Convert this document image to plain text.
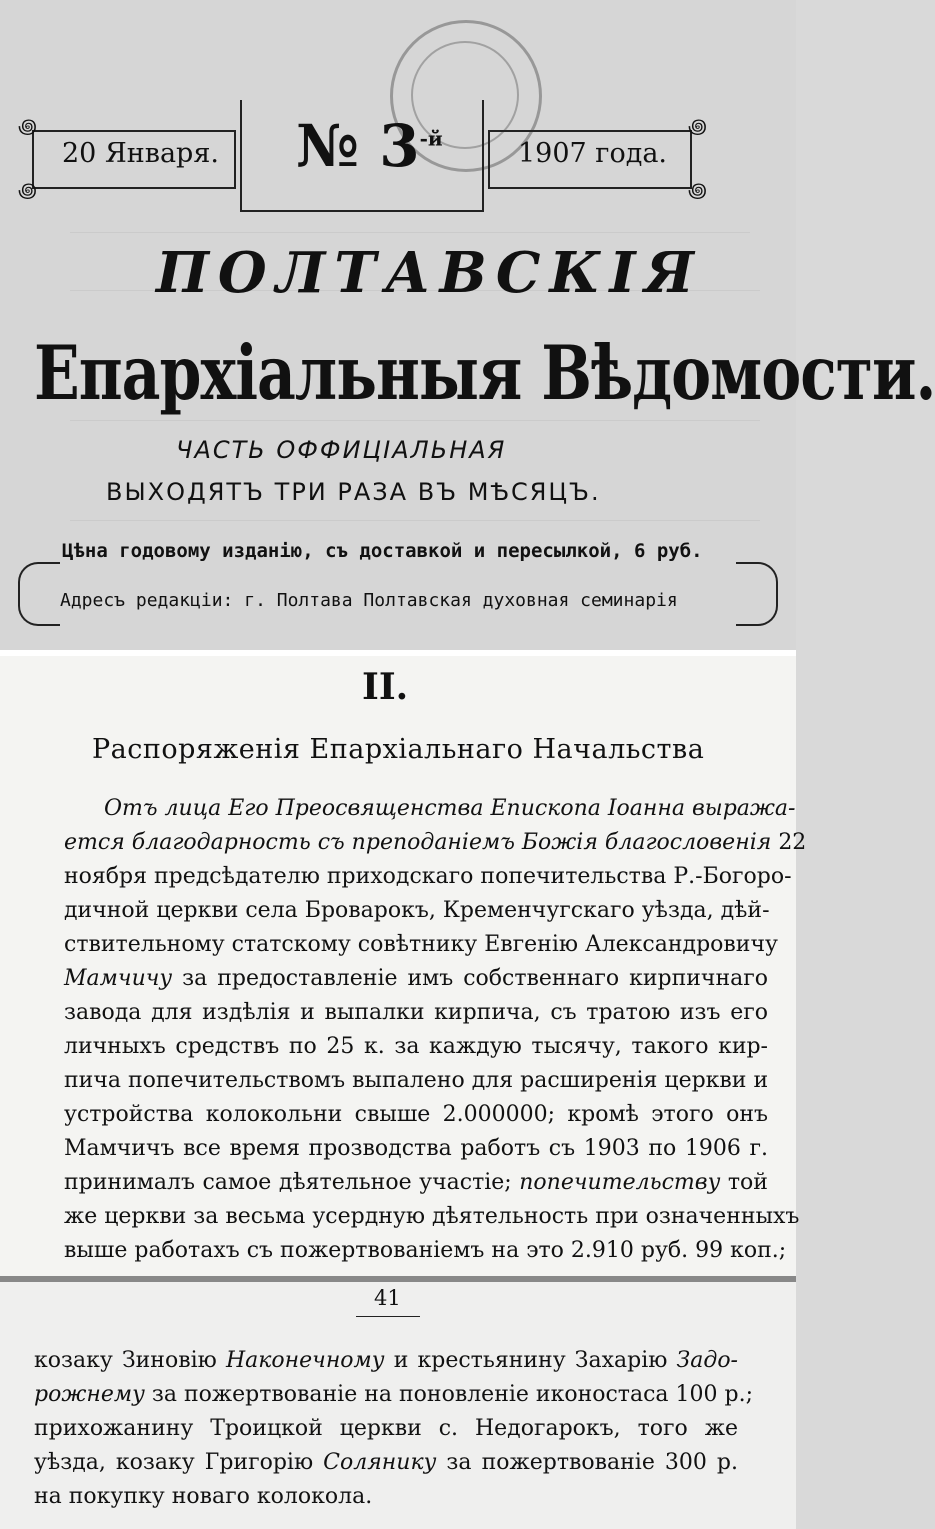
꩜	꩜
꩜	꩜
20 Января. № $3^{-й}$	1907 года.
ПОЛТАВСКІЯ
Епархіальныя Вѣдомости.
ЧАСТЬ ОФФИЦІАЛЬНАЯ
ВЫХОДЯТЪ ТРИ РАЗА ВЪ МѢСЯЦЪ.
Цѣна годовому изданію, съ доставкой и пересылкой, 6 руб.
Адресъ редакціи: г. Полтава Полтавская духовная семинарія
II.
Распоряженія Епархіальнаго Начальства
Отъ лица Его Преосвященства Епископа Іоанна выража-
ется благодарность съ преподаніемъ Божія благословенія 22
ноября предсѣдателю приходскаго попечительства Р.-Богоро-
дичной церкви села Броварокъ, Кременчугскаго уѣзда, дѣй-
ствительному статскому совѣтнику Евгенію Александровичу
Мамчичу за предоставленіе имъ собственнаго кирпичнаго
завода для издѣлія и выпалки кирпича, съ тратою изъ его
личныхъ средствъ по 25 к. за каждую тысячу, такого кир-
пича попечительствомъ выпалено для расширенія церкви и
устройства колокольни свыше 2.000000; кромѣ этого онъ
Мамчичъ все время прозводства работъ съ 1903 по 1906 г.
принималъ самое дѣятельное участіе; попечительству той
же церкви за весьма усердную дѣятельность при означенныхъ
выше работахъ съ пожертвованіемъ на это 2.910 руб. 99 коп.;
41
козаку Зиновію Наконечному и крестьянину Захарію Задо-
рожнему за пожертвованіе на поновленіе иконостаса 100 р.;
прихожанину Троицкой церкви с. Недогарокъ, того же
уѣзда, козаку Григорію Солянику за пожертвованіе 300 р.
на покупку новаго колокола.
